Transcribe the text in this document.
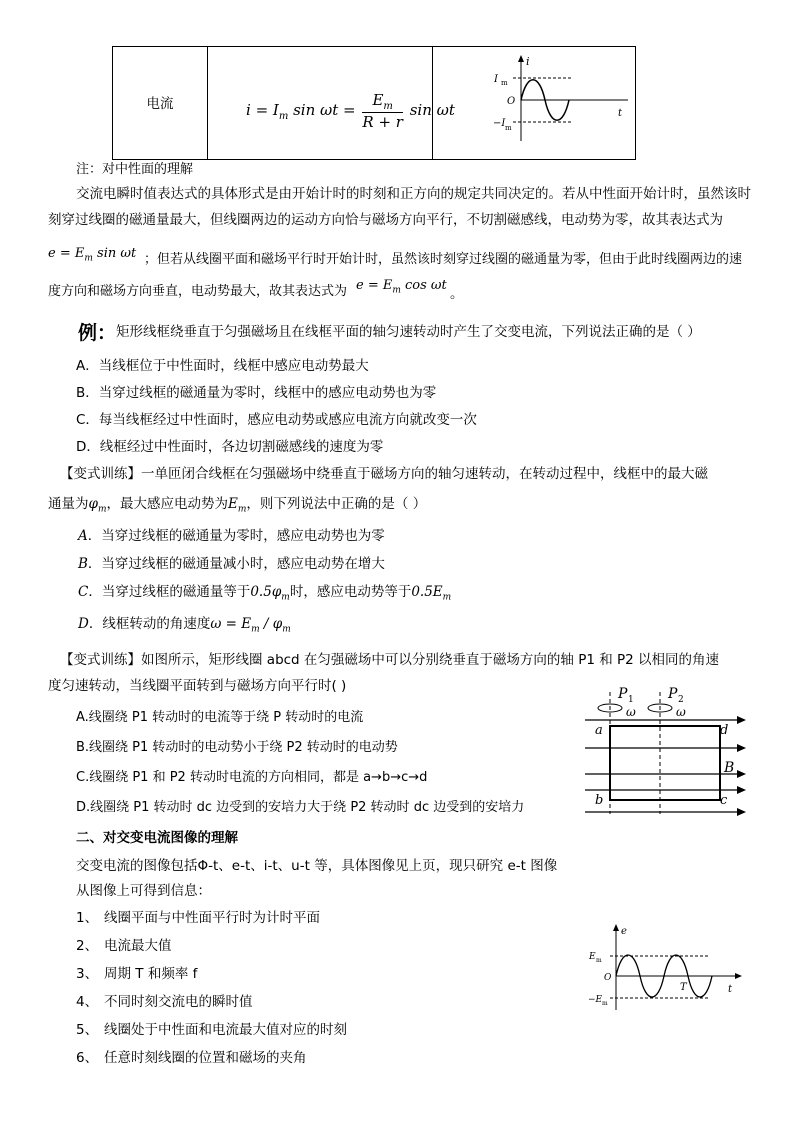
电流	$i = I_m$ $\sin \omega t = \frac{E_m}{R + r}$ sin ωt

i
I m
O
−I m
t
注：对中性面的理解
交流电瞬时值表达式的具体形式是由开始计时的时刻和正方向的规定共同决定的。若从中性面开始计时，虽然该时
刻穿过线圈的磁通量最大，但线圈两边的运动方向恰与磁场方向平行，不切割磁感线，电动势为零，故其表达式为
$e = E_m$ sin ωt ；但若从线圈平面和磁场平行时开始计时，虽然该时刻穿过线圈的磁通量为零，但由于此时线圈两边的速
度方向和磁场方向垂直，电动势最大，故其表达式为 $e = E_m$ cos ωt
。
例： 矩形线框绕垂直于匀强磁场且在线框平面的轴匀速转动时产生了交变电流，下列说法正确的是（ ）
A．当线框位于中性面时，线框中感应电动势最大
B．当穿过线框的磁通量为零时，线框中的感应电动势也为零
C．每当线框经过中性面时，感应电动势或感应电流方向就改变一次
D．线框经过中性面时，各边切割磁感线的速度为零
【变式训练】一单匝闭合线框在匀强磁场中绕垂直于磁场方向的轴匀速转动，在转动过程中，线框中的最大磁
通量为$\varphi_m$，最大感应电动势为$E_m$，则下列说法中正确的是（ ）
A．当穿过线框的磁通量为零时，感应电动势也为零
B．当穿过线框的磁通量减小时，感应电动势在增大
C．当穿过线框的磁通量等于$0.5\varphi_m$时，感应电动势等于$0.5E_m$
D．线框转动的角速度$\omega = E_m / \varphi_m$
【变式训练】如图所示，矩形线圈 abcd 在匀强磁场中可以分别绕垂直于磁场方向的轴 P1 和 P2 以相同的角速
度匀速转动，当线圈平面转到与磁场方向平行时( )
A.线圈绕 P1 转动时的电流等于绕 P 转动时的电流
B.线圈绕 P1 转动时的电动势小于绕 P2 转动时的电动势
C.线圈绕 P1 和 P2 转动时电流的方向相同，都是 a→b→c→d
D.线圈绕 P1 转动时 dc 边受到的安培力大于绕 P2 转动时 dc 边受到的安培力
P 1 P 2
ω	ω
a
b	c
d
B
二、对交变电流图像的理解
交变电流的图像包括Φ-t、e-t、i-t、u-t 等，具体图像见上页，现只研究 e-t 图像
从图像上可得到信息：
1、 线圈平面与中性面平行时为计时平面
2、 电流最大值
3、 周期 T 和频率 f
4、 不同时刻交流电的瞬时值
5、 线圈处于中性面和电流最大值对应的时刻
6、 任意时刻线圈的位置和磁场的夹角
e
E m
O
−E m
T	t
